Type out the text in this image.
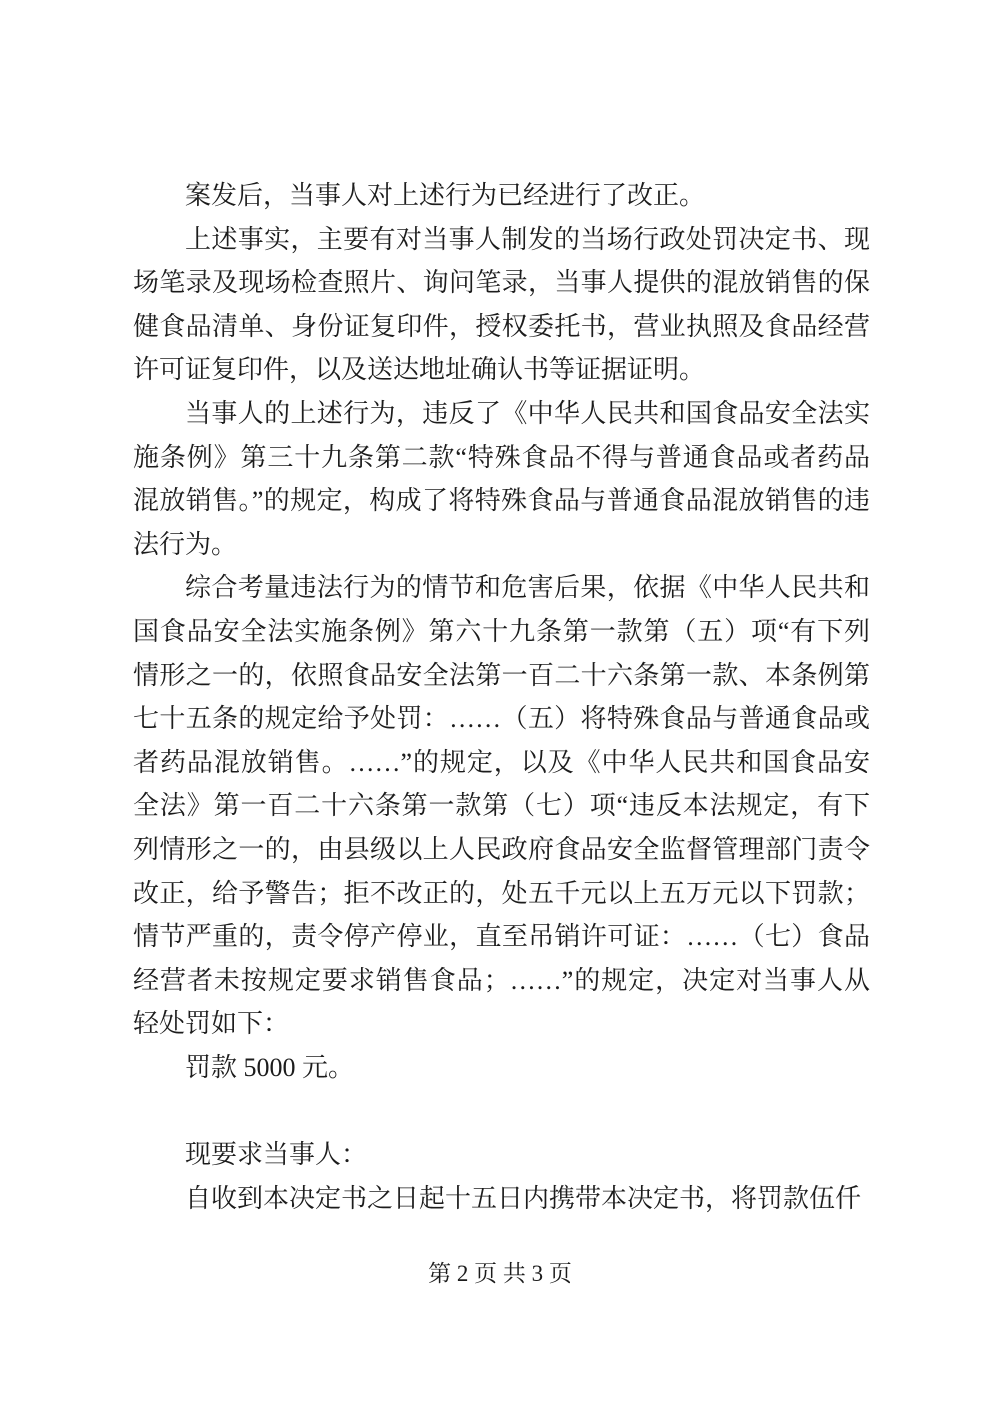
案发后，当事人对上述行为已经进行了改正。

上述事实，主要有对当事人制发的当场行政处罚决定书、现场笔录及现场检查照片、询问笔录，当事人提供的混放销售的保健食品清单、身份证复印件，授权委托书，营业执照及食品经营许可证复印件，以及送达地址确认书等证据证明。

当事人的上述行为，违反了《中华人民共和国食品安全法实施条例》第三十九条第二款“特殊食品不得与普通食品或者药品混放销售。”的规定，构成了将特殊食品与普通食品混放销售的违法行为。

综合考量违法行为的情节和危害后果，依据《中华人民共和国食品安全法实施条例》第六十九条第一款第（五）项“有下列情形之一的，依照食品安全法第一百二十六条第一款、本条例第七十五条的规定给予处罚：……（五）将特殊食品与普通食品或者药品混放销售。……”的规定，以及《中华人民共和国食品安全法》第一百二十六条第一款第（七）项“违反本法规定，有下列情形之一的，由县级以上人民政府食品安全监督管理部门责令改正，给予警告；拒不改正的，处五千元以上五万元以下罚款；情节严重的，责令停产停业，直至吊销许可证：……（七）食品经营者未按规定要求销售食品；……”的规定，决定对当事人从轻处罚如下：

罚款 5000 元。

现要求当事人：

自收到本决定书之日起十五日内携带本决定书，将罚款伍仟

第 2 页 共 3 页
